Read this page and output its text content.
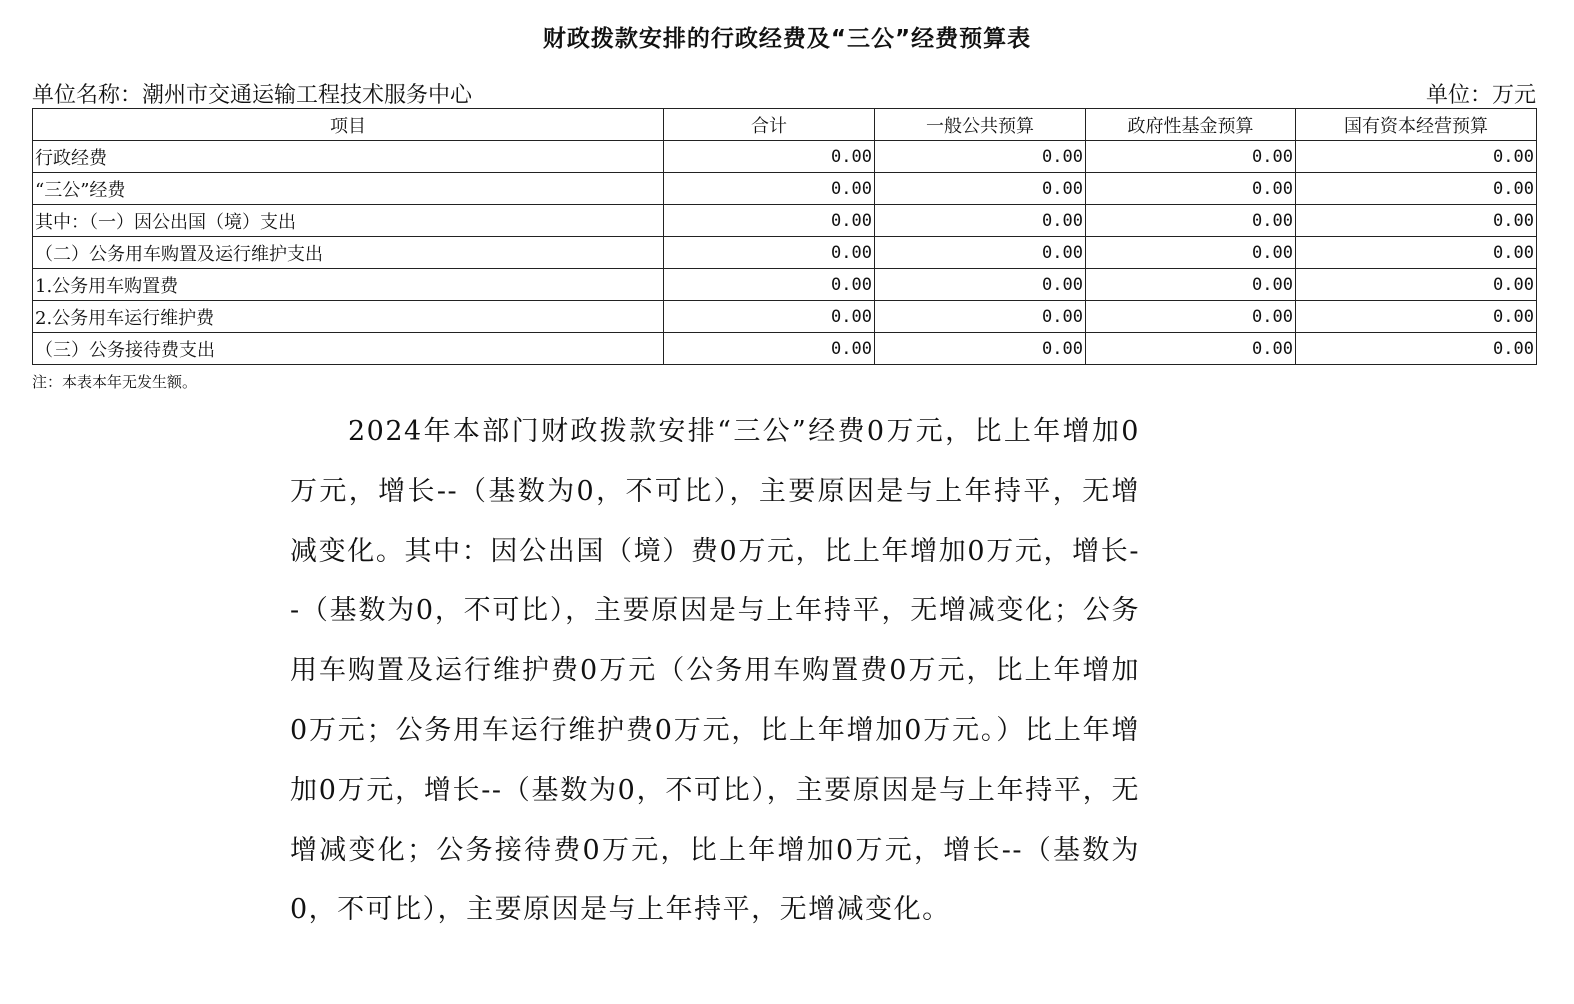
财政拨款安排的行政经费及“三公”经费预算表
单位名称：潮州市交通运输工程技术服务中心	单位：万元
项目	合计	一般公共预算	政府性基金预算	国有资本经营预算
行政经费	0.00	0.00	0.00	0.00
“三公”经费	0.00	0.00	0.00	0.00
其中：（一）因公出国（境）支出	0.00	0.00	0.00	0.00
（二）公务用车购置及运行维护支出	0.00	0.00	0.00	0.00
1.公务用车购置费	0.00	0.00	0.00	0.00
2.公务用车运行维护费	0.00	0.00	0.00	0.00
（三）公务接待费支出	0.00	0.00	0.00	0.00
注：本表本年无发生额。

2024年本部门财政拨款安排“三公”经费0万元，比上年增加0万元，增长--（基数为0，不可比），主要原因是与上年持平，无增减变化。其中：因公出国（境）费0万元，比上年增加0万元，增长--（基数为0，不可比），主要原因是与上年持平，无增减变化；公务用车购置及运行维护费0万元（公务用车购置费0万元，比上年增加0万元；公务用车运行维护费0万元，比上年增加0万元。）比上年增加0万元，增长--（基数为0，不可比），主要原因是与上年持平，无增减变化；公务接待费0万元，比上年增加0万元，增长--（基数为0，不可比），主要原因是与上年持平，无增减变化。
